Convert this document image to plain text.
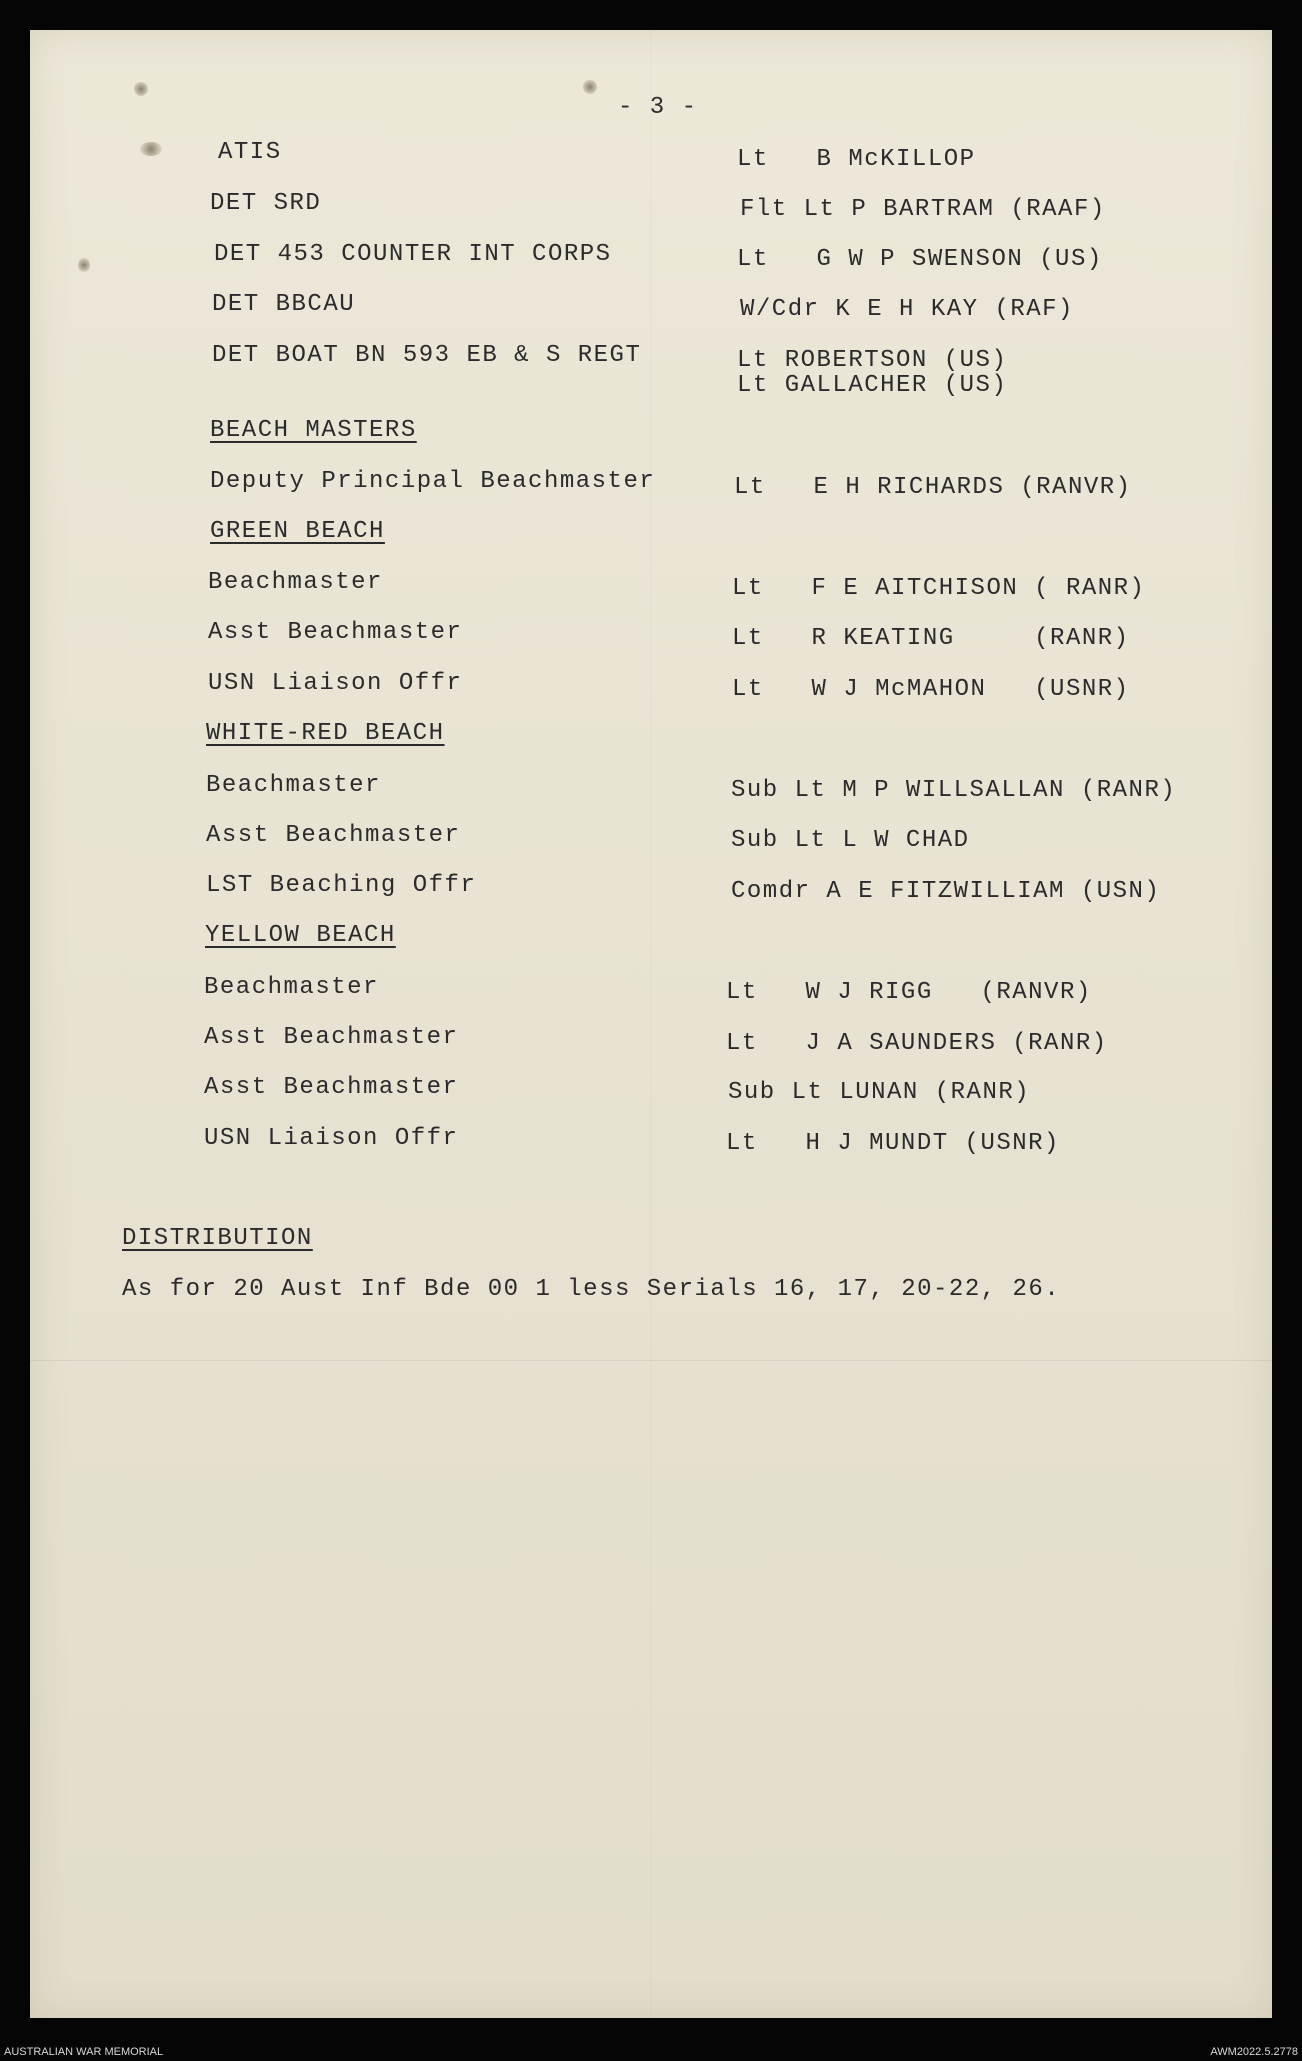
- 3 -
ATIS	Lt   B McKILLOP
DET SRD	Flt Lt P BARTRAM (RAAF)
DET 453 COUNTER INT CORPS	Lt   G W P SWENSON (US)
DET BBCAU	W/Cdr K E H KAY (RAF)
DET BOAT BN 593 EB & S REGT	Lt ROBERTSON (US)
Lt GALLACHER (US)
BEACH MASTERS
Deputy Principal Beachmaster	Lt   E H RICHARDS (RANVR)
GREEN BEACH
Beachmaster	Lt   F E AITCHISON ( RANR)
Asst Beachmaster	Lt   R KEATING     (RANR)
USN Liaison Offr	Lt   W J McMAHON   (USNR)
WHITE-RED BEACH
Beachmaster	Sub Lt M P WILLSALLAN (RANR)
Asst Beachmaster	Sub Lt L W CHAD
LST Beaching Offr	Comdr A E FITZWILLIAM (USN)
YELLOW BEACH
Beachmaster	Lt   W J RIGG   (RANVR)
Asst Beachmaster	Lt   J A SAUNDERS (RANR)
Asst Beachmaster	Sub Lt LUNAN (RANR)
USN Liaison Offr	Lt   H J MUNDT (USNR)
DISTRIBUTION
As for 20 Aust Inf Bde 00 1 less Serials 16, 17, 20-22, 26.
AUSTRALIAN WAR MEMORIAL	AWM2022.5.2778
